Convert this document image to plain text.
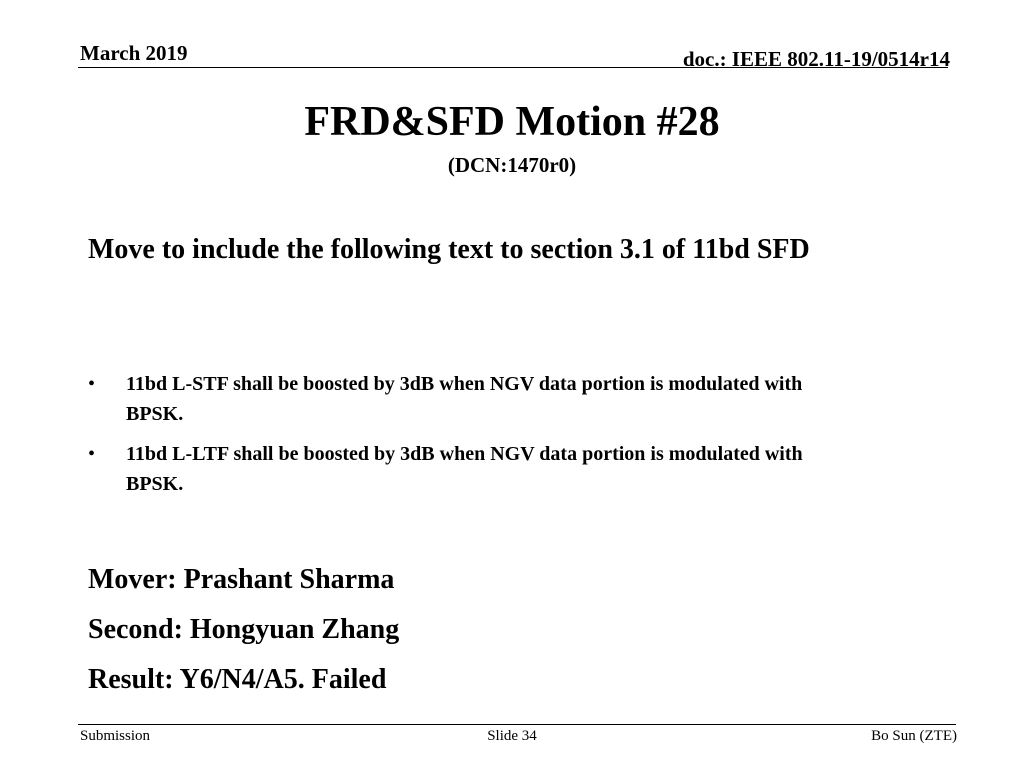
March 2019	doc.: IEEE 802.11-19/0514r14
FRD&SFD Motion #28
(DCN:1470r0)
Move to include the following text to section 3.1 of 11bd SFD
• 11bd L-STF shall be boosted by 3dB when NGV data portion is modulated with BPSK.
• 11bd L-LTF shall be boosted by 3dB when NGV data portion is modulated with BPSK.
Mover: Prashant Sharma
Second: Hongyuan Zhang
Result: Y6/N4/A5. Failed
Submission	Slide 34	Bo Sun (ZTE)
